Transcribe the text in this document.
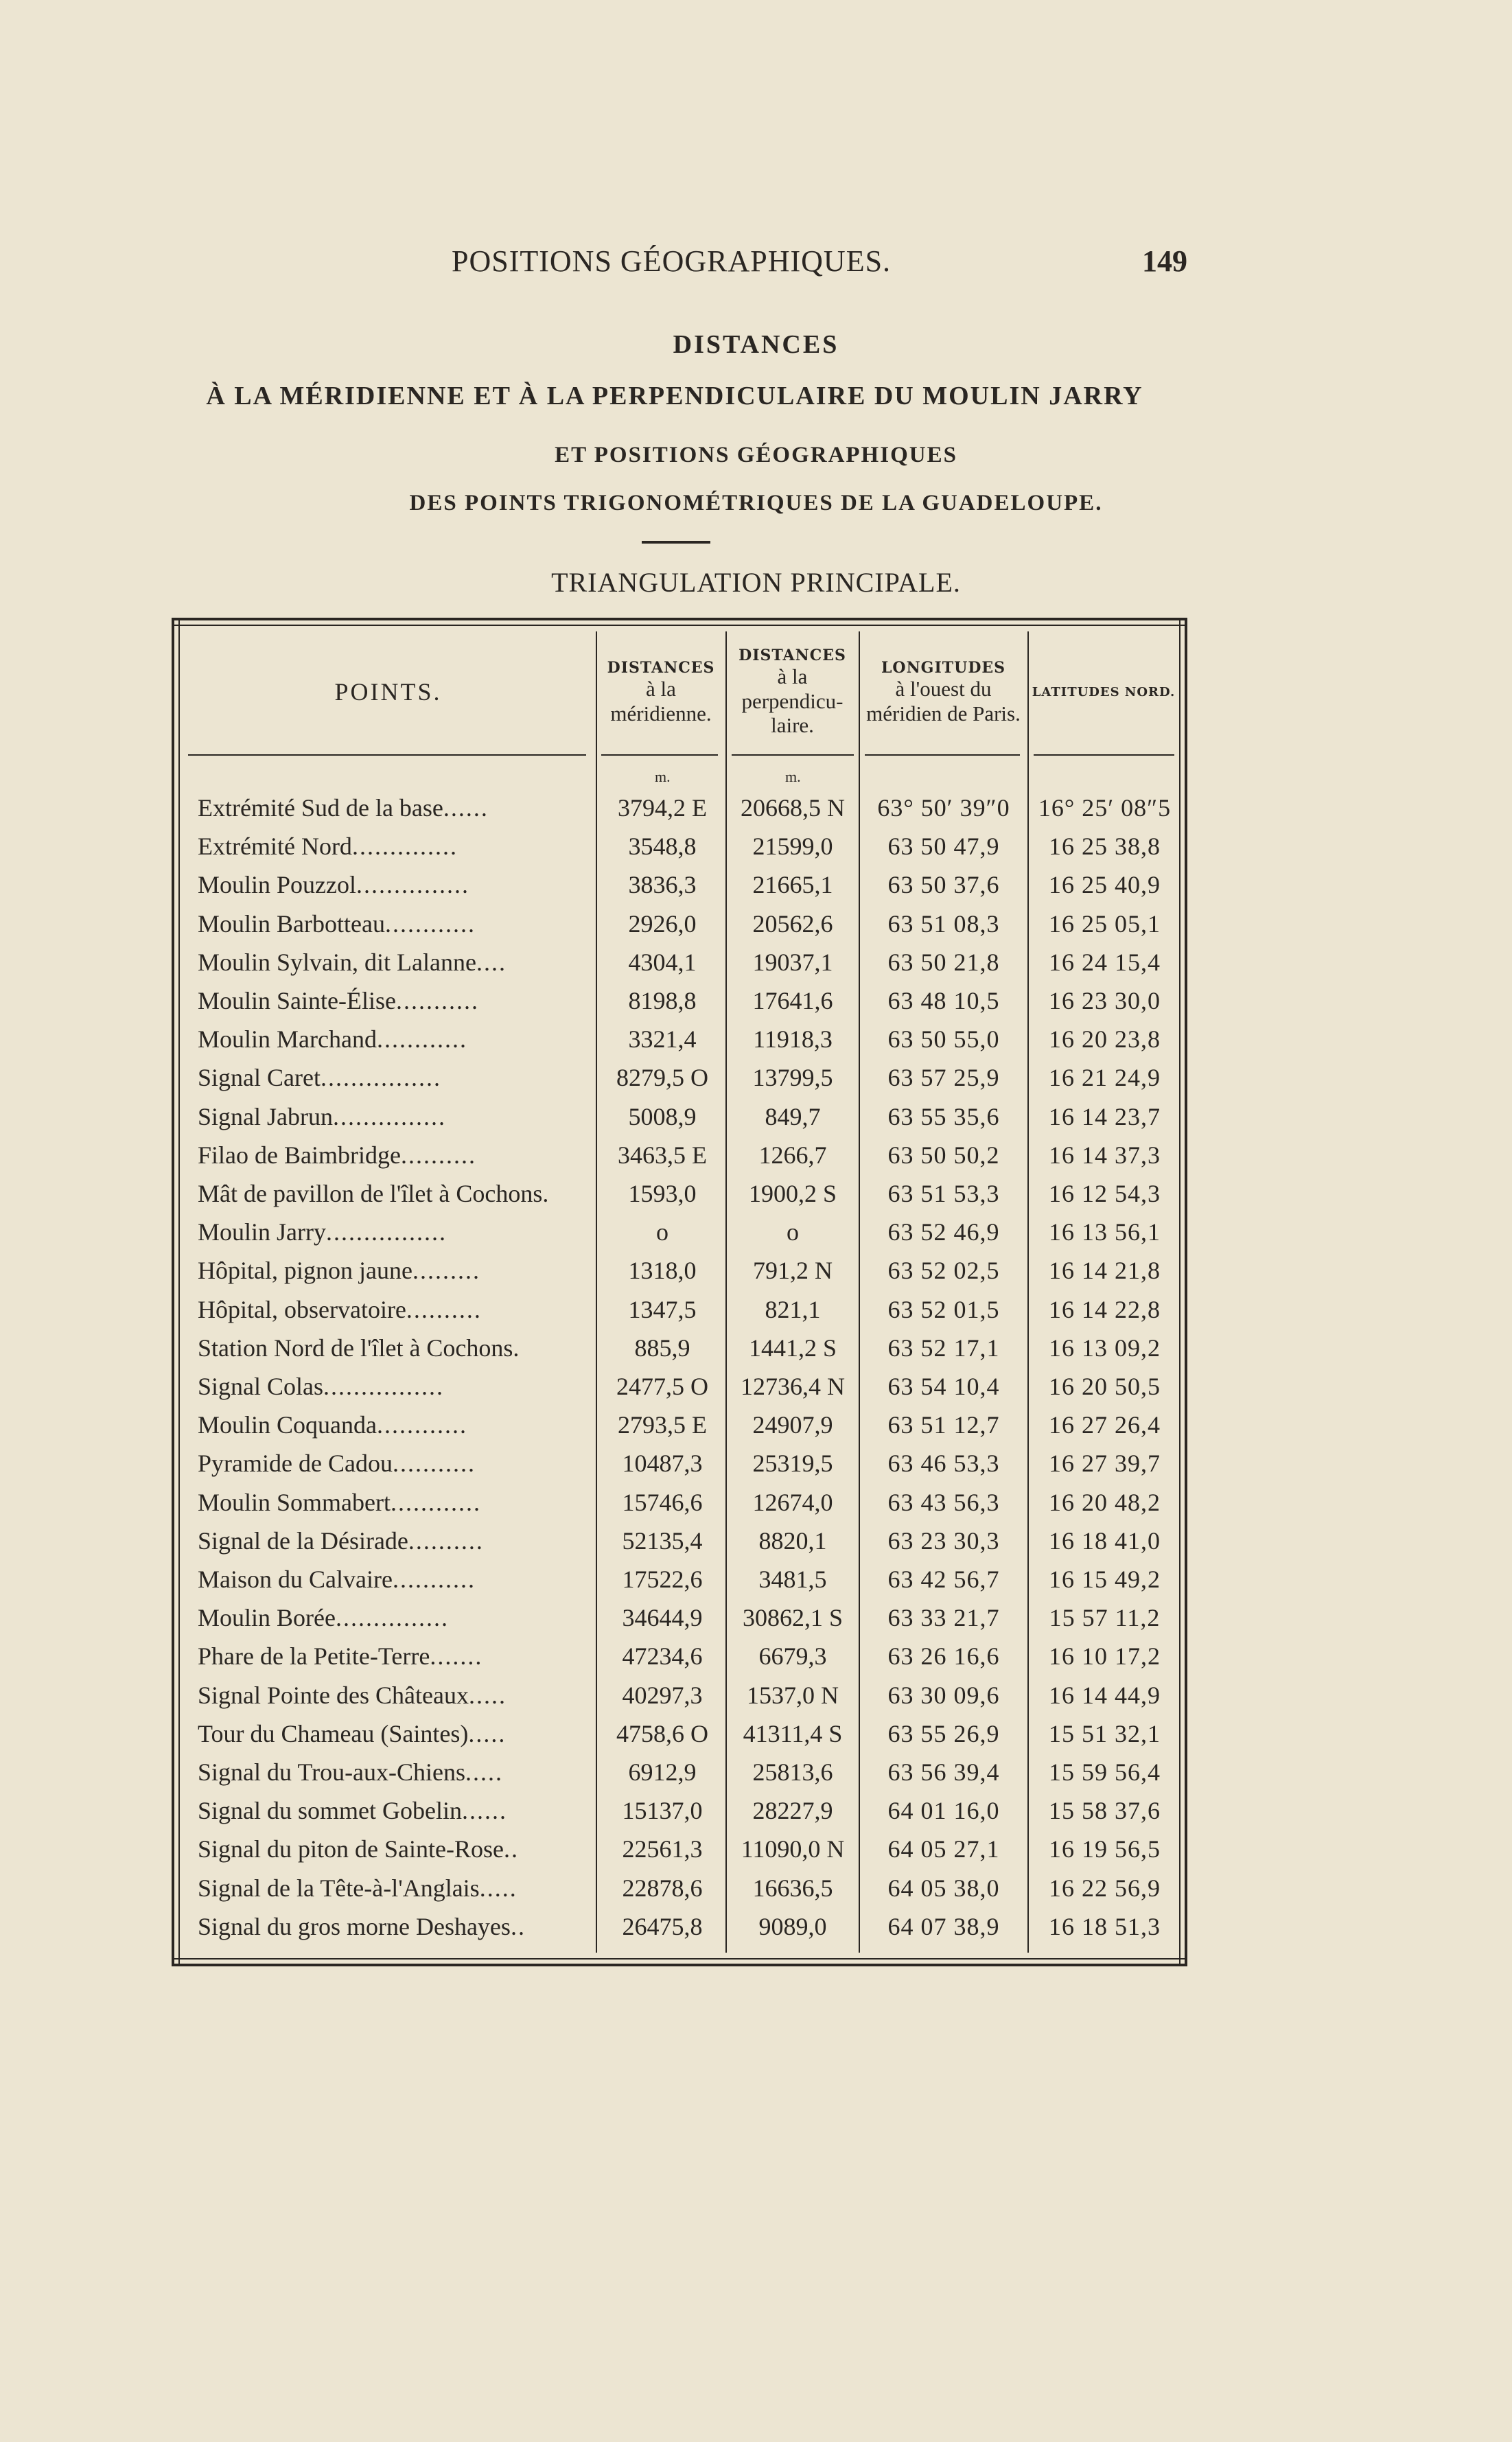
POSITIONS GÉOGRAPHIQUES.	149
DISTANCES
À LA MÉRIDIENNE ET À LA PERPENDICULAIRE DU MOULIN JARRY
ET POSITIONS GÉOGRAPHIQUES
DES POINTS TRIGONOMÉTRIQUES DE LA GUADELOUPE.
TRIANGULATION PRINCIPALE.
POINTS.
DISTANCES
à la méridienne.
DISTANCES
à la perpendicu-laire.
LONGITUDES
à l'ouest du méridien de Paris.
LATITUDES NORD.
m.	m.
Extrémité Sud de la base......	3794,2 E	20668,5 N	63° 50′ 39″0	16° 25′ 08″5
Extrémité Nord..............	3548,8	21599,0	63 50 47,9	16 25 38,8
Moulin Pouzzol...............	3836,3	21665,1	63 50 37,6	16 25 40,9
Moulin Barbotteau............	2926,0	20562,6	63 51 08,3	16 25 05,1
Moulin Sylvain, dit Lalanne....	4304,1	19037,1	63 50 21,8	16 24 15,4
Moulin Sainte-Élise...........	8198,8	17641,6	63 48 10,5	16 23 30,0
Moulin Marchand............	3321,4	11918,3	63 50 55,0	16 20 23,8
Signal Caret................	8279,5 O	13799,5	63 57 25,9	16 21 24,9
Signal Jabrun...............	5008,9	849,7	63 55 35,6	16 14 23,7
Filao de Baimbridge..........	3463,5 E	1266,7	63 50 50,2	16 14 37,3
Mât de pavillon de l'îlet à Cochons.	1593,0	1900,2 S	63 51 53,3	16 12 54,3
Moulin Jarry................	o	o	63 52 46,9	16 13 56,1
Hôpital, pignon jaune.........	1318,0	791,2 N	63 52 02,5	16 14 21,8
Hôpital, observatoire..........	1347,5	821,1	63 52 01,5	16 14 22,8
Station Nord de l'îlet à Cochons.	885,9	1441,2 S	63 52 17,1	16 13 09,2
Signal Colas................	2477,5 O	12736,4 N	63 54 10,4	16 20 50,5
Moulin Coquanda............	2793,5 E	24907,9	63 51 12,7	16 27 26,4
Pyramide de Cadou...........	10487,3	25319,5	63 46 53,3	16 27 39,7
Moulin Sommabert............	15746,6	12674,0	63 43 56,3	16 20 48,2
Signal de la Désirade..........	52135,4	8820,1	63 23 30,3	16 18 41,0
Maison du Calvaire...........	17522,6	3481,5	63 42 56,7	16 15 49,2
Moulin Borée...............	34644,9	30862,1 S	63 33 21,7	15 57 11,2
Phare de la Petite-Terre.......	47234,6	6679,3	63 26 16,6	16 10 17,2
Signal Pointe des Châteaux.....	40297,3	1537,0 N	63 30 09,6	16 14 44,9
Tour du Chameau (Saintes).....	4758,6 O	41311,4 S	63 55 26,9	15 51 32,1
Signal du Trou-aux-Chiens.....	6912,9	25813,6	63 56 39,4	15 59 56,4
Signal du sommet Gobelin......	15137,0	28227,9	64 01 16,0	15 58 37,6
Signal du piton de Sainte-Rose..	22561,3	11090,0 N	64 05 27,1	16 19 56,5
Signal de la Tête-à-l'Anglais.....	22878,6	16636,5	64 05 38,0	16 22 56,9
Signal du gros morne Deshayes..	26475,8	9089,0	64 07 38,9	16 18 51,3
